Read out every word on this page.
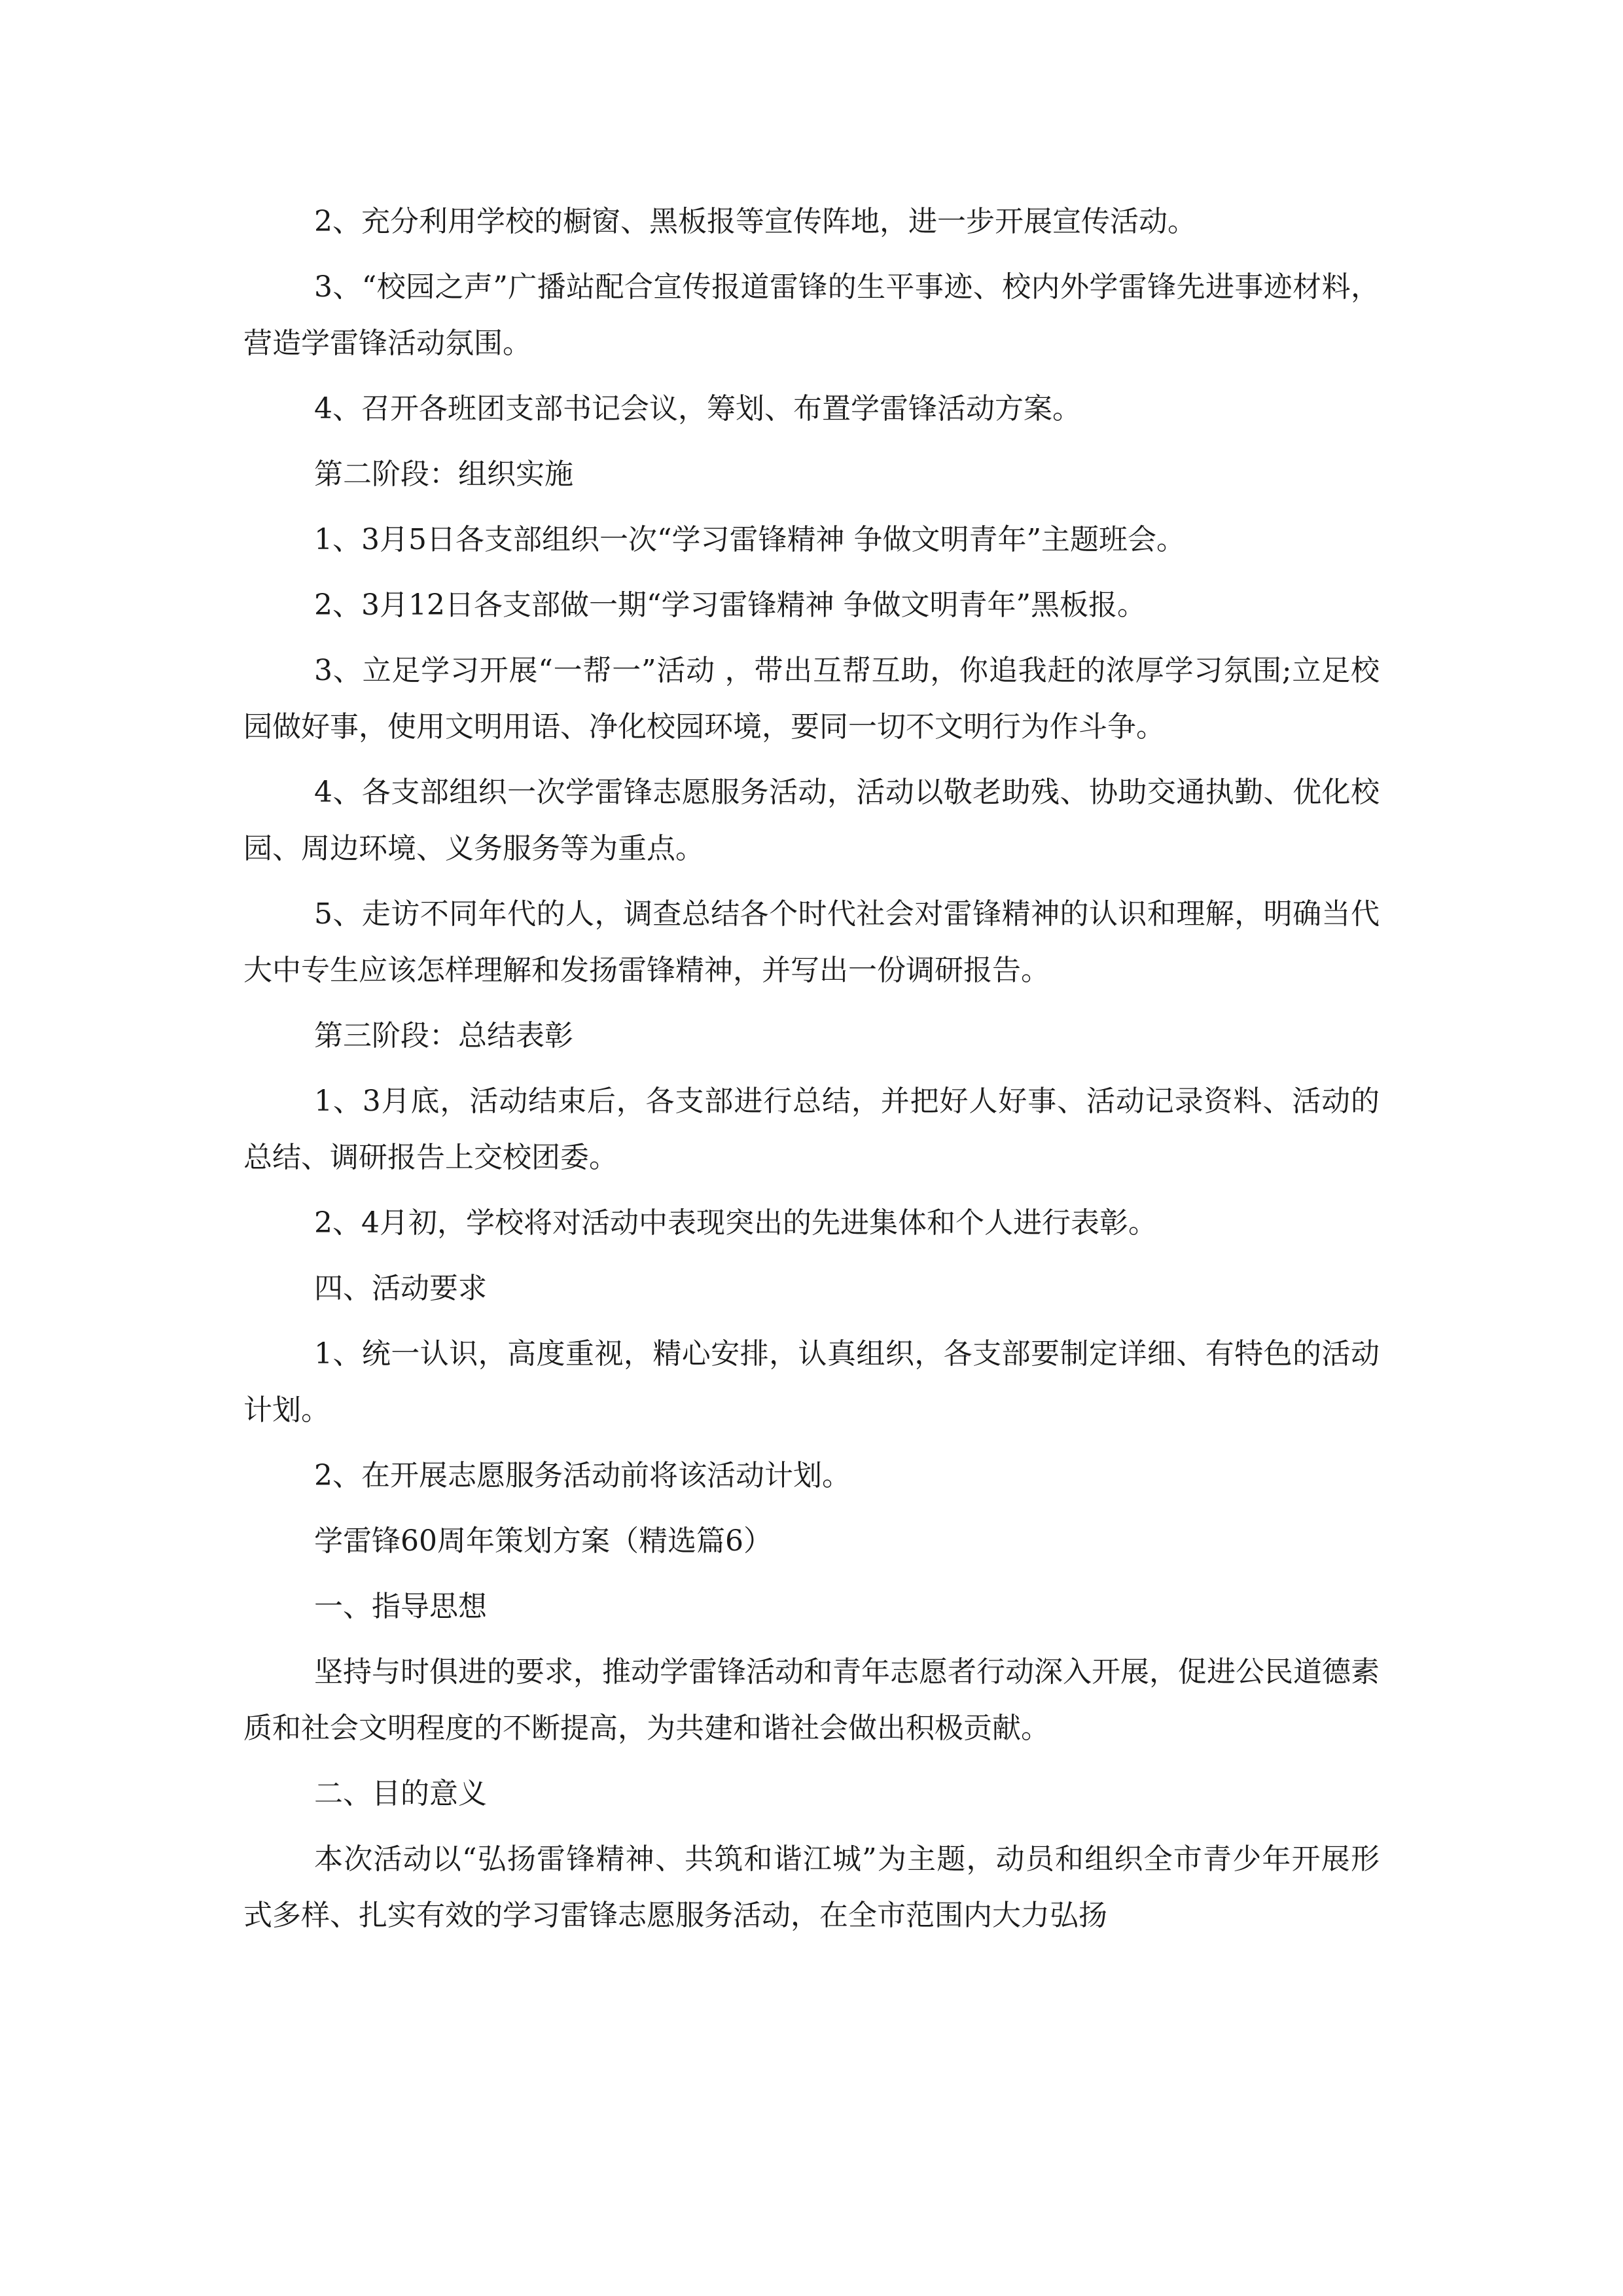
2、充分利用学校的橱窗、黑板报等宣传阵地，进一步开展宣传活动。

3、“校园之声”广播站配合宣传报道雷锋的生平事迹、校内外学雷锋先进事迹材料，营造学雷锋活动氛围。

4、召开各班团支部书记会议，筹划、布置学雷锋活动方案。

第二阶段：组织实施

1、3月5日各支部组织一次“学习雷锋精神 争做文明青年”主题班会。

2、3月12日各支部做一期“学习雷锋精神 争做文明青年”黑板报。

3、立足学习开展“一帮一”活动 ，带出互帮互助，你追我赶的浓厚学习氛围;立足校园做好事，使用文明用语、净化校园环境，要同一切不文明行为作斗争。

4、各支部组织一次学雷锋志愿服务活动，活动以敬老助残、协助交通执勤、优化校园、周边环境、义务服务等为重点。

5、走访不同年代的人，调查总结各个时代社会对雷锋精神的认识和理解，明确当代大中专生应该怎样理解和发扬雷锋精神，并写出一份调研报告。

第三阶段：总结表彰

1、3月底，活动结束后，各支部进行总结，并把好人好事、活动记录资料、活动的总结、调研报告上交校团委。

2、4月初，学校将对活动中表现突出的先进集体和个人进行表彰。

四、活动要求

1、统一认识，高度重视，精心安排，认真组织，各支部要制定详细、有特色的活动计划。

2、在开展志愿服务活动前将该活动计划。

学雷锋60周年策划方案（精选篇6）

一、指导思想

坚持与时俱进的要求，推动学雷锋活动和青年志愿者行动深入开展，促进公民道德素质和社会文明程度的不断提高，为共建和谐社会做出积极贡献。

二、目的意义

本次活动以“弘扬雷锋精神、共筑和谐江城”为主题，动员和组织全市青少年开展形式多样、扎实有效的学习雷锋志愿服务活动，在全市范围内大力弘扬
